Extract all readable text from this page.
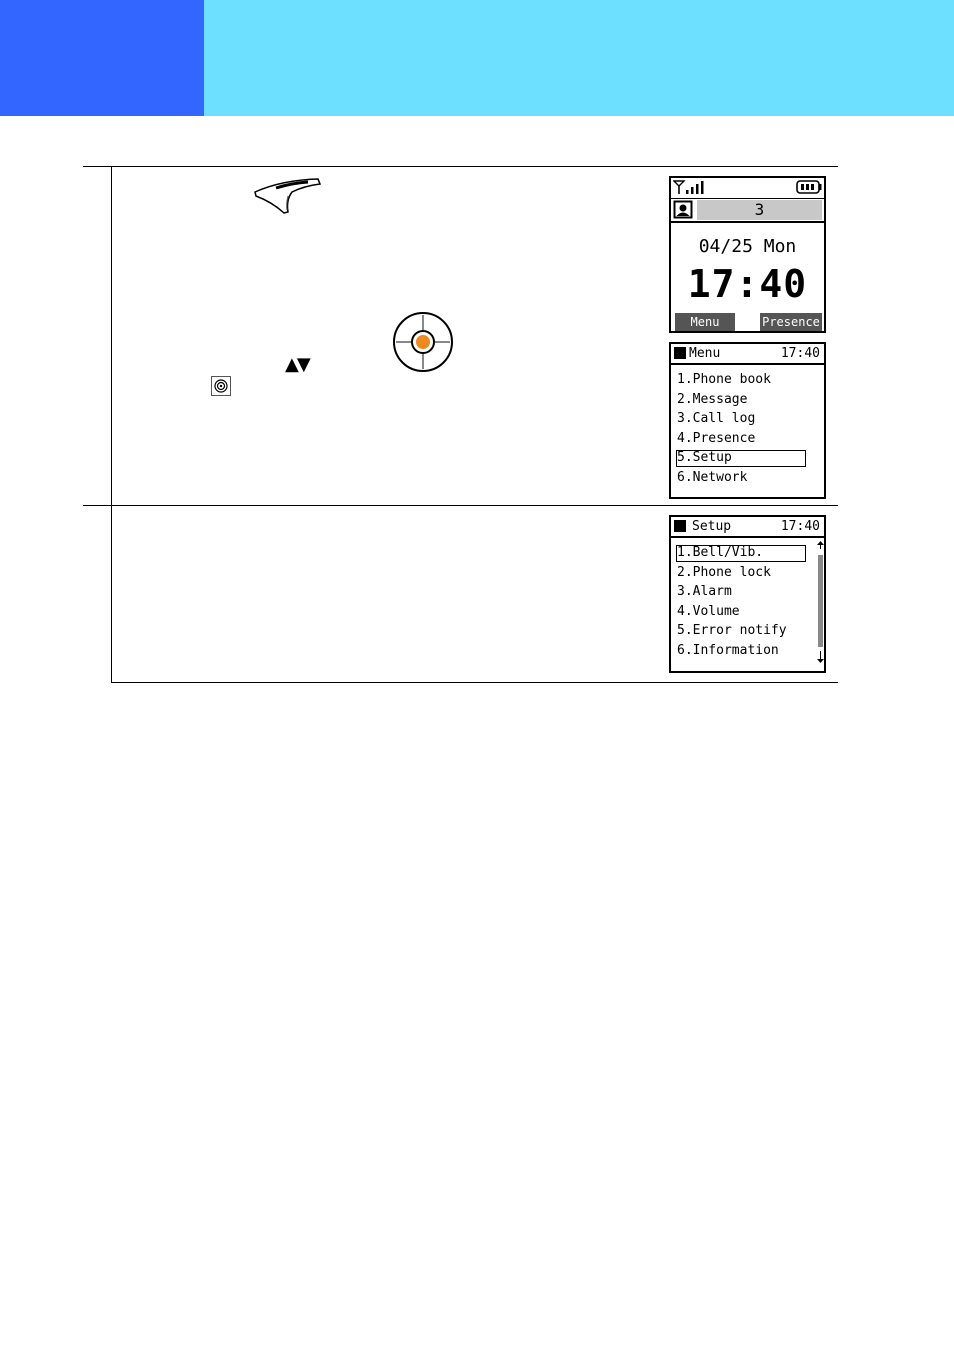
▲▼
3
04/25 Mon
17:40
Menu	Presence
Menu	17:40
1.Phone book
2.Message
3.Call log
4.Presence
5.Setup
6.Network
Setup	17:40
1.Bell/Vib.
2.Phone lock
3.Alarm
4.Volume
5.Error notify
6.Information
